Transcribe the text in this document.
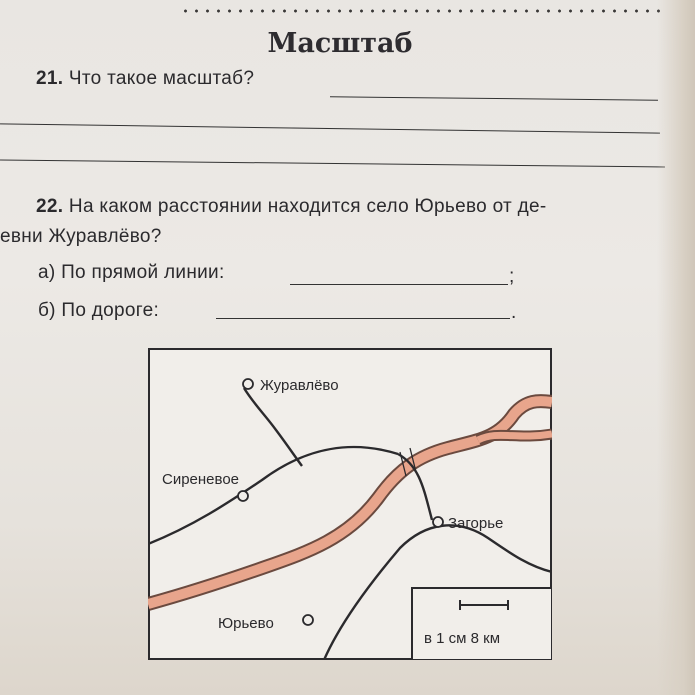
Масштаб
21. Что такое масштаб?
22. На каком расстоянии находится село Юрьево от де-
евни Журавлёво?
а) По прямой линии:	;
б) По дороге:	.
Журавлёво
Сиреневое
Загорье
Юрьево
в 1 см 8 км
